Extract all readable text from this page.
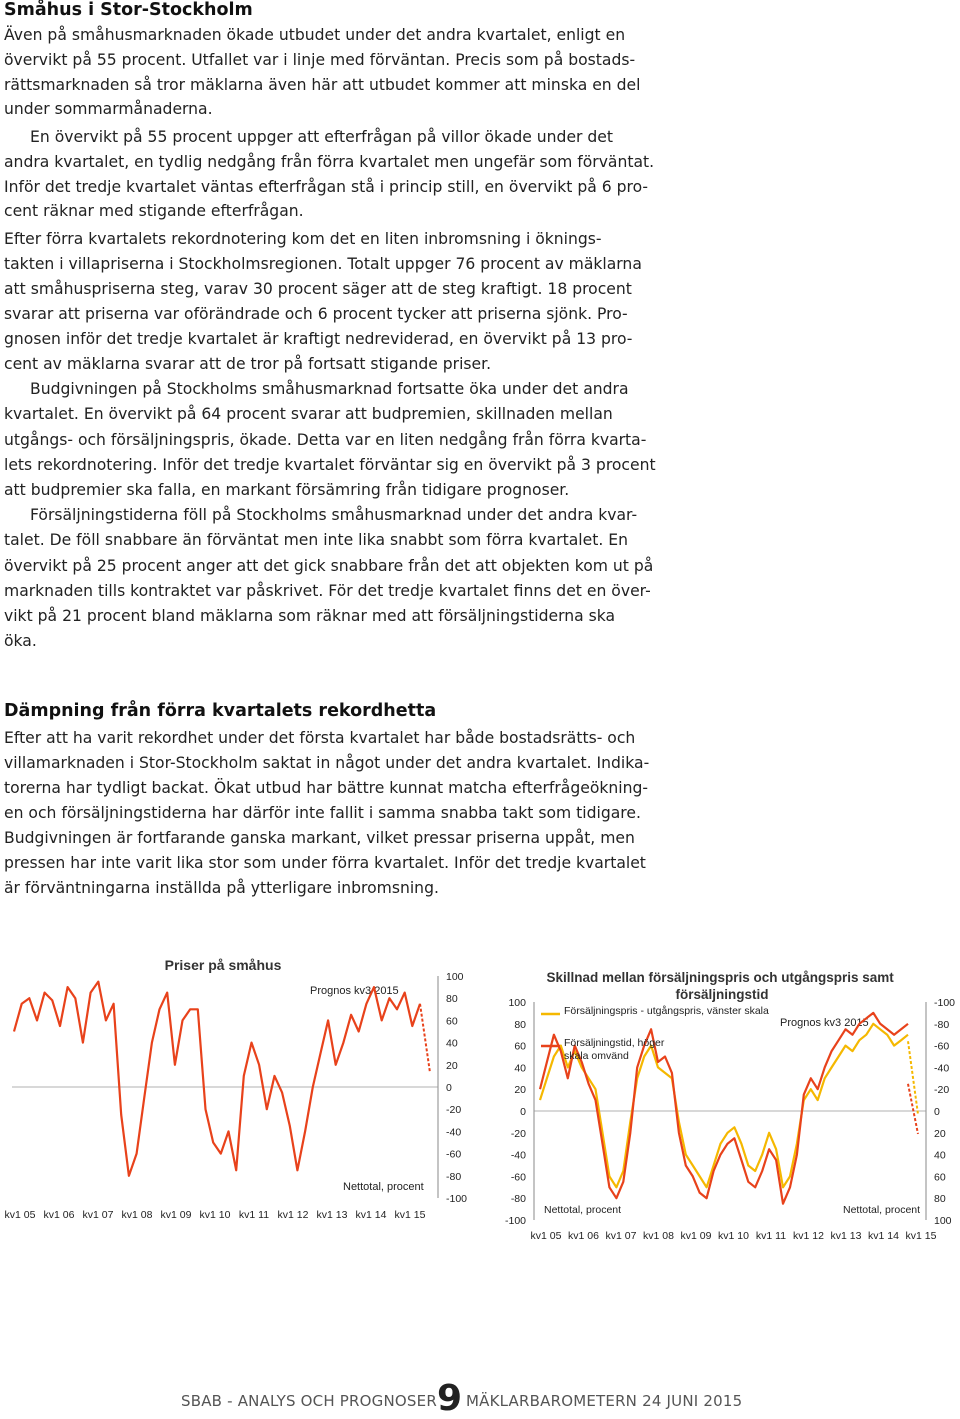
Småhus i Stor-Stockholm

Även på småhusmarknaden ökade utbudet under det andra kvartalet, enligt en

övervikt på 55 procent. Utfallet var i linje med förväntan. Precis som på bostads-

rättsmarknaden så tror mäklarna även här att utbudet kommer att minska en del

under sommarmånaderna.

En övervikt på 55 procent uppger att efterfrågan på villor ökade under det

andra kvartalet, en tydlig nedgång från förra kvartalet men ungefär som förväntat.

Inför det tredje kvartalet väntas efterfrågan stå i princip still, en övervikt på 6 pro-

cent räknar med stigande efterfrågan.

Efter förra kvartalets rekordnotering kom det en liten inbromsning i öknings-

takten i villapriserna i Stockholmsregionen. Totalt uppger 76 procent av mäklarna

att småhuspriserna steg, varav 30 procent säger att de steg kraftigt. 18 procent

svarar att priserna var oförändrade och 6 procent tycker att priserna sjönk. Pro-

gnosen inför det tredje kvartalet är kraftigt nedreviderad, en övervikt på 13 pro-

cent av mäklarna svarar att de tror på fortsatt stigande priser.

Budgivningen på Stockholms småhusmarknad fortsatte öka under det andra

kvartalet. En övervikt på 64 procent svarar att budpremien, skillnaden mellan

utgångs- och försäljningspris, ökade. Detta var en liten nedgång från förra kvarta-

lets rekordnotering. Inför det tredje kvartalet förväntar sig en övervikt på 3 procent

att budpremier ska falla, en markant försämring från tidigare prognoser.

Försäljningstiderna föll på Stockholms småhusmarknad under det andra kvar-

talet. De föll snabbare än förväntat men inte lika snabbt som förra kvartalet. En

övervikt på 25 procent anger att det gick snabbare från det att objekten kom ut på

marknaden tills kontraktet var påskrivet. För det tredje kvartalet finns det en över-

vikt på 21 procent bland mäklarna som räknar med att försäljningstiderna ska

öka.

Dämpning från förra kvartalets rekordhetta

Efter att ha varit rekordhet under det första kvartalet har både bostadsrätts- och

villamarknaden i Stor-Stockholm saktat in något under det andra kvartalet. Indika-

torerna har tydligt backat. Ökat utbud har bättre kunnat matcha efterfrågeökning-

en och försäljningstiderna har därför inte fallit i samma snabba takt som tidigare.

Budgivningen är fortfarande ganska markant, vilket pressar priserna uppåt, men

pressen har inte varit lika stor som under förra kvartalet. Inför det tredje kvartalet

är förväntningarna inställda på ytterligare inbromsning.

Priser på småhus
Prognos kv3 2015
Nettotal, procent
100
80
60
40
20
0
-20
-40
-60
-80
-100
kv1 05 kv1 06 kv1 07 kv1 08 kv1 09 kv1 10 kv1 11 kv1 12 kv1 13 kv1 14 kv1 15
Skillnad mellan försäljningspris och utgångspris samt försäljningstid
Prognos kv3 2015
Nettotal, procent	Nettotal, procent
100
80
60
40
20
0
-20
-40
-60
-80
-100
-100
-80
-60
-40
-20
0
20
40
60
80
100
kv1 05 kv1 06 kv1 07 kv1 08 kv1 09 kv1 10 kv1 11 kv1 12 kv1 13 kv1 14 kv1 15
Försäljningspris - utgångspris, vänster skala
Försäljningstid, höger skala omvänd
SBAB - ANALYS OCH PROGNOSER 9 MÄKLARBAROMETERN 24 JUNI 2015
